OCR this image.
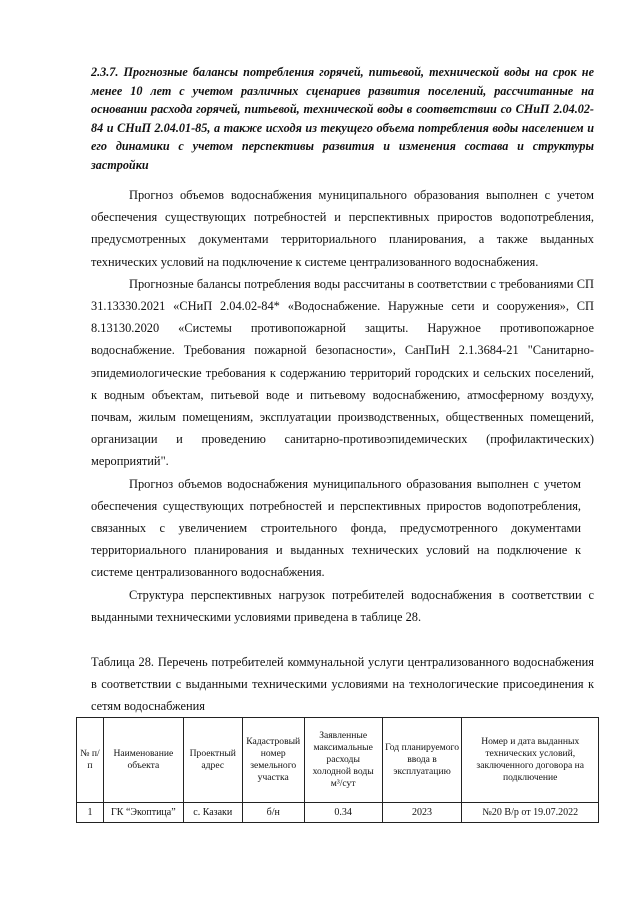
2.3.7. Прогнозные балансы потребления горячей, питьевой, технической воды на срок не менее 10 лет с учетом различных сценариев развития поселений, рассчитанные на основании расхода горячей, питьевой, технической воды в соответствии со СНиП 2.04.02-84 и СНиП 2.04.01-85, а также исходя из текущего объема потребления воды населением и его динамики с учетом перспективы развития и изменения состава и структуры застройки

Прогноз объемов водоснабжения муниципального образования выполнен с учетом обеспечения существующих потребностей и перспективных приростов водопотребления, предусмотренных документами территориального планирования, а также выданных технических условий на подключение к системе централизованного водоснабжения.

Прогнозные балансы потребления воды рассчитаны в соответствии с требованиями СП 31.13330.2021 «СНиП 2.04.02-84* «Водоснабжение. Наружные сети и сооружения», СП 8.13130.2020 «Системы противопожарной защиты. Наружное противопожарное водоснабжение. Требования пожарной безопасности», СанПиН 2.1.3684-21 "Санитарно-эпидемиологические требования к содержанию территорий городских и сельских поселений, к водным объектам, питьевой воде и питьевому водоснабжению, атмосферному воздуху, почвам, жилым помещениям, эксплуатации производственных, общественных помещений, организации и проведению санитарно-противоэпидемических (профилактических) мероприятий".

Прогноз объемов водоснабжения муниципального образования выполнен с учетом обеспечения существующих потребностей и перспективных приростов водопотребления, связанных с увеличением строительного фонда, предусмотренного документами территориального планирования и выданных технических условий на подключение к системе централизованного водоснабжения.

Структура перспективных нагрузок потребителей водоснабжения в соответствии с выданными техническими условиями приведена в таблице 28.

Таблица 28. Перечень потребителей коммунальной услуги централизованного водоснабжения в соответствии с выданными техническими условиями на технологические присоединения к сетям водоснабжения
№ п/п	Наименование объекта	Проектный адрес	Кадастровый номер земельного участка	Заявленные максимальные расходы холодной воды м³/сут	Год планируемого ввода в эксплуатацию	Номер и дата выданных технических условий, заключенного договора на подключение
1	ГК “Экоптица”	с. Казаки	б/н	0.34	2023	№20 В/р от 19.07.2022
